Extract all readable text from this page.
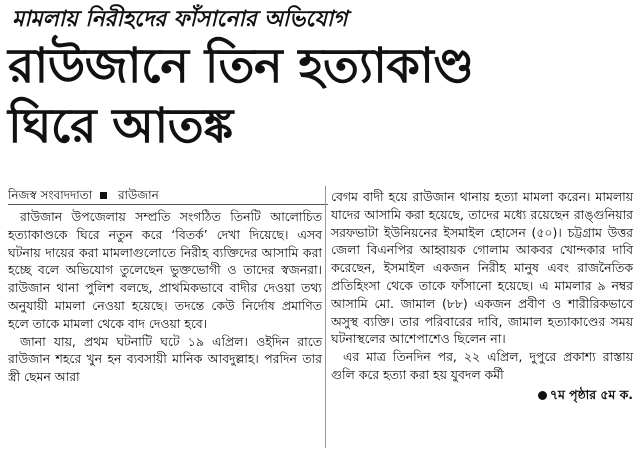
মামলায় নিরীহদের ফাঁসানোর অভিযোগ
রাউজানে তিন হত্যাকাণ্ড
ঘিরে আতঙ্ক
নিজস্ব সংবাদদাতা রাউজান

রাউজান উপজেলায় সম্প্রতি সংগঠিত তিনটি আলোচিত হত্যাকাণ্ডকে ঘিরে নতুন করে ‘বিতর্ক’ দেখা দিয়েছে। এসব ঘটনায় দায়ের করা মামলাগুলোতে নিরীহ ব্যক্তিদের আসামি করা হচ্ছে বলে অভিযোগ তুলেছেন ভুক্তভোগী ও তাদের স্বজনরা। রাউজান থানা পুলিশ বলছে, প্রাথমিকভাবে বাদীর দেওয়া তথ্য অনুযায়ী মামলা নেওয়া হয়েছে। তদন্তে কেউ নির্দোষ প্রমাণিত হলে তাকে মামলা থেকে বাদ দেওয়া হবে।

জানা যায়, প্রথম ঘটনাটি ঘটে ১৯ এপ্রিল। ওইদিন রাতে রাউজান শহরে খুন হন ব্যবসায়ী মানিক আবদুল্লাহ। পরদিন তার স্ত্রী ছেমন আরা

বেগম বাদী হয়ে রাউজান থানায় হত্যা মামলা করেন। মামলায় যাদের আসামি করা হয়েছে, তাদের মধ্যে রয়েছেন রাঙ্গুনিয়ার সরফভাটা ইউনিয়নের ইসমাইল হোসেন (৫০)। চট্টগ্রাম উত্তর জেলা বিএনপির আহ্বায়ক গোলাম আকবর খোন্দকার দাবি করেছেন, ইসমাইল একজন নিরীহ মানুষ এবং রাজনৈতিক প্রতিহিংসা থেকে তাকে ফাঁসানো হয়েছে। এ মামলার ৯ নম্বর আসামি মো. জামাল (৮৮) একজন প্রবীণ ও শারীরিকভাবে অসুস্থ ব্যক্তি। তার পরিবারের দাবি, জামাল হত্যাকাণ্ডের সময় ঘটনাস্থলের আশেপাশেও ছিলেন না।

এর মাত্র তিনদিন পর, ২২ এপ্রিল, দুপুরে প্রকাশ্য রাস্তায় গুলি করে হত্যা করা হয় যুবদল কর্মী

৭ম পৃষ্ঠার ৫ম ক.
